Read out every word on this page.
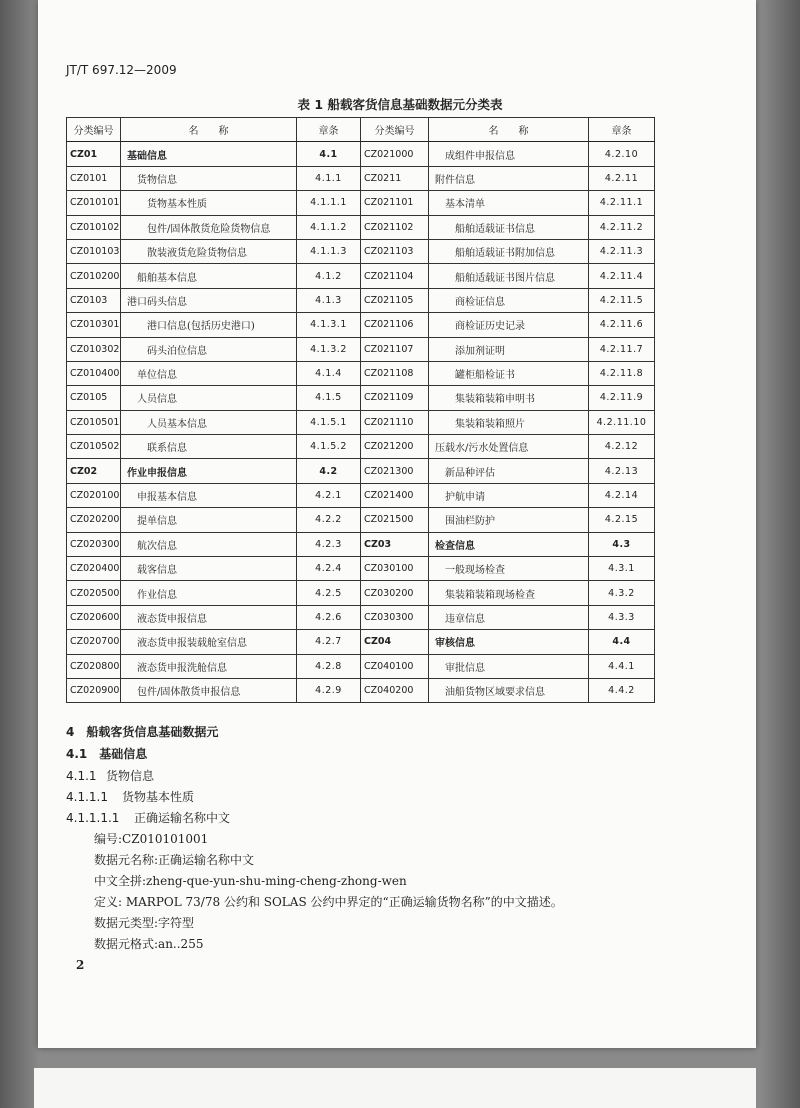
JT/T 697.12—2009
表 1 船载客货信息基础数据元分类表
分类编号	名　　称	章条	分类编号	名　　称	章条
CZ01	基础信息	4.1	CZ021000	成组件申报信息	4.2.10
CZ0101	货物信息	4.1.1	CZ0211	附件信息	4.2.11
CZ010101	货物基本性质	4.1.1.1	CZ021101	基本清单	4.2.11.1
CZ010102	包件/固体散货危险货物信息	4.1.1.2	CZ021102	船舶适载证书信息	4.2.11.2
CZ010103	散装液货危险货物信息	4.1.1.3	CZ021103	船舶适载证书附加信息	4.2.11.3
CZ010200	船舶基本信息	4.1.2	CZ021104	船舶适载证书图片信息	4.2.11.4
CZ0103	港口码头信息	4.1.3	CZ021105	商检证信息	4.2.11.5
CZ010301	港口信息(包括历史港口)	4.1.3.1	CZ021106	商检证历史记录	4.2.11.6
CZ010302	码头泊位信息	4.1.3.2	CZ021107	添加剂证明	4.2.11.7
CZ010400	单位信息	4.1.4	CZ021108	罐柜船检证书	4.2.11.8
CZ0105	人员信息	4.1.5	CZ021109	集装箱装箱申明书	4.2.11.9
CZ010501	人员基本信息	4.1.5.1	CZ021110	集装箱装箱照片	4.2.11.10
CZ010502	联系信息	4.1.5.2	CZ021200	压载水/污水处置信息	4.2.12
CZ02	作业申报信息	4.2	CZ021300	新品种评估	4.2.13
CZ020100	申报基本信息	4.2.1	CZ021400	护航申请	4.2.14
CZ020200	提单信息	4.2.2	CZ021500	围油栏防护	4.2.15
CZ020300	航次信息	4.2.3	CZ03	检查信息	4.3
CZ020400	载客信息	4.2.4	CZ030100	一般现场检查	4.3.1
CZ020500	作业信息	4.2.5	CZ030200	集装箱装箱现场检查	4.3.2
CZ020600	液态货申报信息	4.2.6	CZ030300	违章信息	4.3.3
CZ020700	液态货申报装载舱室信息	4.2.7	CZ04	审核信息	4.4
CZ020800	液态货申报洗舱信息	4.2.8	CZ040100	审批信息	4.4.1
CZ020900	包件/固体散货申报信息	4.2.9	CZ040200	油船货物区域要求信息	4.4.2

4　 船载客货信息基础数据元

4.1　 基础信息

4.1.1 货物信息

4.1.1.1 货物基本性质

4.1.1.1.1 正确运输名称中文

编号:CZ010101001

数据元名称:正确运输名称中文

中文全拼:zheng-que-yun-shu-ming-cheng-zhong-wen

定义: MARPOL 73/78 公约和 SOLAS 公约中界定的“正确运输货物名称”的中文描述。

数据元类型:字符型

数据元格式:an..255

2
